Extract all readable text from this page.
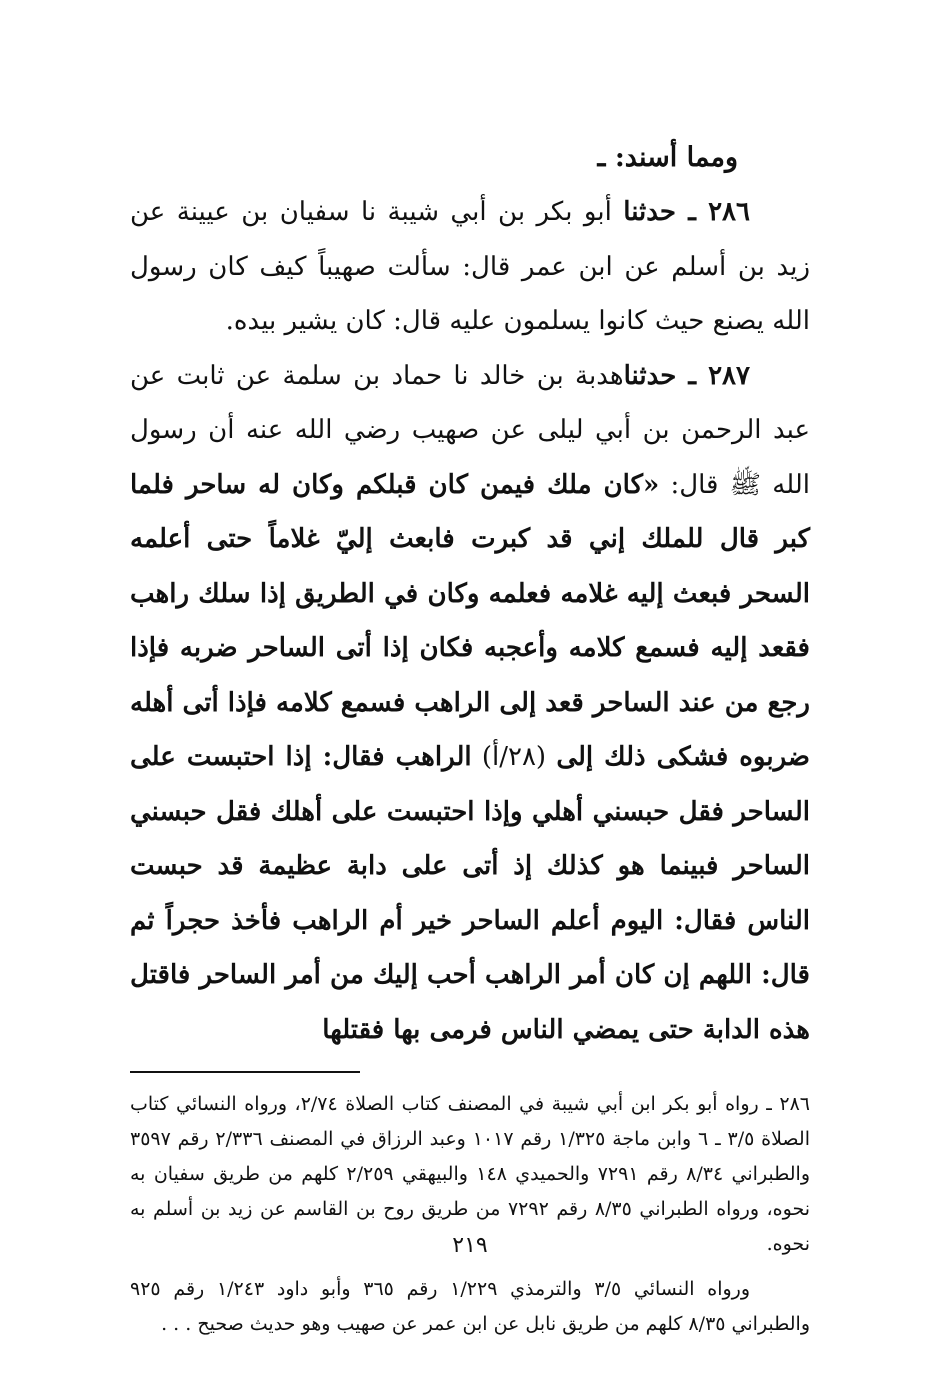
ومما أسند: ـ

٢٨٦ ـ حدثنا أبو بكر بن أبي شيبة نا سفيان بن عيينة عن زيد بن أسلم عن ابن عمر قال: سألت صهيباً كيف كان رسول الله يصنع حيث كانوا يسلمون عليه قال: كان يشير بيده.

٢٨٧ ـ حدثناهدبة بن خالد نا حماد بن سلمة عن ثابت عن عبد الرحمن بن أبي ليلى عن صهيب رضي الله عنه أن رسول الله ﷺ قال: «كان ملك فيمن كان قبلكم وكان له ساحر فلما كبر قال للملك إني قد كبرت فابعث إليّ غلاماً حتى أعلمه السحر فبعث إليه غلامه فعلمه وكان في الطريق إذا سلك راهب فقعد إليه فسمع كلامه وأعجبه فكان إذا أتى الساحر ضربه فإذا رجع من عند الساحر قعد إلى الراهب فسمع كلامه فإذا أتى أهله ضربوه فشكى ذلك إلى (٢٨/أ) الراهب فقال: إذا احتبست على الساحر فقل حبسني أهلي وإذا احتبست على أهلك فقل حبسني الساحر فبينما هو كذلك إذ أتى على دابة عظيمة قد حبست الناس فقال: اليوم أعلم الساحر خير أم الراهب فأخذ حجراً ثم قال: اللهم إن كان أمر الراهب أحب إليك من أمر الساحر فاقتل هذه الدابة حتى يمضي الناس فرمى بها فقتلها

٢٨٦ ـ رواه أبو بكر ابن أبي شيبة في المصنف كتاب الصلاة ٢/٧٤، ورواه النسائي كتاب الصلاة ٣/٥ ـ ٦ وابن ماجة ١/٣٢٥ رقم ١٠١٧ وعبد الرزاق في المصنف ٢/٣٣٦ رقم ٣٥٩٧ والطبراني ٨/٣٤ رقم ٧٢٩١ والحميدي ١٤٨ والبيهقي ٢/٢٥٩ كلهم من طريق سفيان به نحوه، ورواه الطبراني ٨/٣٥ رقم ٧٢٩٢ من طريق روح بن القاسم عن زيد بن أسلم به نحوه.

ورواه النسائي ٣/٥ والترمذي ١/٢٢٩ رقم ٣٦٥ وأبو داود ١/٢٤٣ رقم ٩٢٥ والطبراني ٨/٣٥ كلهم من طريق نابل عن ابن عمر عن صهيب وهو حديث صحيح . . .

٢١٩
